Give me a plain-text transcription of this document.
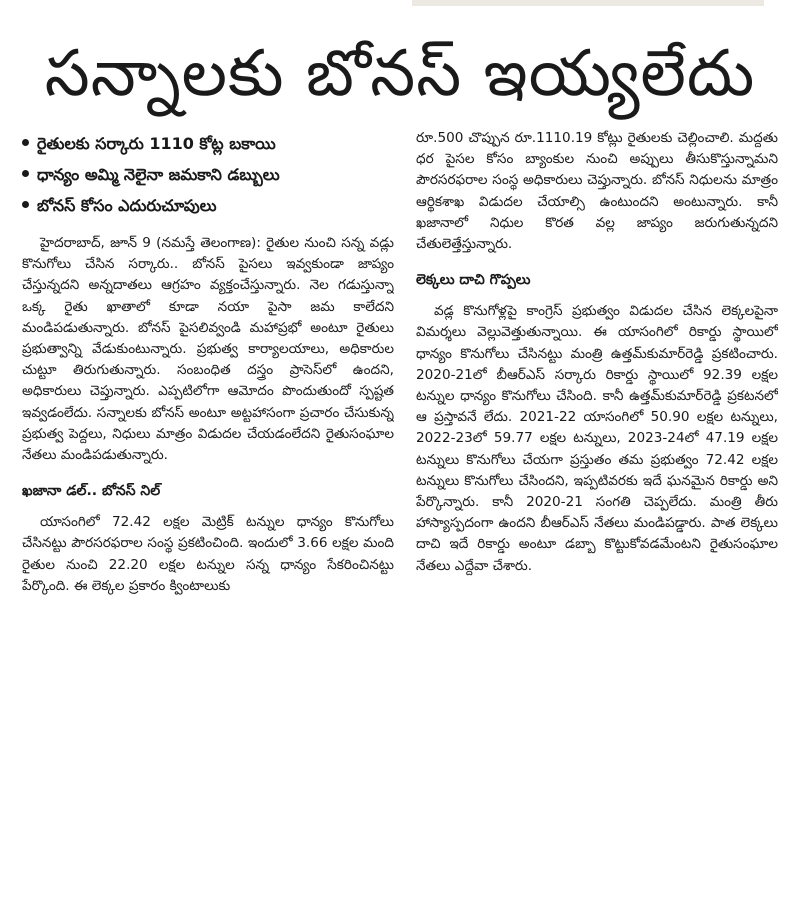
సన్నాలకు బోనస్ ఇయ్యలేదు
రైతులకు సర్కారు 1110 కోట్ల బకాయి
ధాన్యం అమ్మి నెలైనా జమకాని డబ్బులు
బోనస్ కోసం ఎదురుచూపులు

హైదరాబాద్, జూన్ 9 (నమస్తే తెలంగాణ): రైతుల నుంచి సన్న వడ్లు కొనుగోలు చేసిన సర్కారు.. బోనస్ పైసలు ఇవ్వకుండా జాప్యం చేస్తున్నదని అన్నదాతలు ఆగ్రహం వ్యక్తంచేస్తున్నారు. నెల గడుస్తున్నా ఒక్క రైతు ఖాతాలో కూడా నయా పైసా జమ కాలేదని మండిపడుతున్నారు. బోనస్ పైసలివ్వండి మహాప్రభో అంటూ రైతులు ప్రభుత్వాన్ని వేడుకుంటున్నారు. ప్రభుత్వ కార్యాలయాలు, అధికారుల చుట్టూ తిరుగుతున్నారు. సంబంధిత దస్త్రం ప్రాసెస్‌లో ఉందని, అధికారులు చెప్తున్నారు. ఎప్పటిలోగా ఆమోదం పొందుతుందో స్పష్టత ఇవ్వడంలేదు. సన్నాలకు బోనస్ అంటూ అట్టహాసంగా ప్రచారం చేసుకున్న ప్రభుత్వ పెద్దలు, నిధులు మాత్రం విడుదల చేయడంలేదని రైతుసంఘాల నేతలు మండిపడుతున్నారు.

ఖజానా డల్.. బోనస్ నిల్

యాసంగిలో 72.42 లక్షల మెట్రిక్ టన్నుల ధాన్యం కొనుగోలు చేసినట్టు పౌరసరఫరాల సంస్థ ప్రకటించింది. ఇందులో 3.66 లక్షల మంది రైతుల నుంచి 22.20 లక్షల టన్నుల సన్న ధాన్యం సేకరించినట్టు పేర్కొంది. ఈ లెక్కల ప్రకారం క్వింటాలుకు

రూ.500 చొప్పున రూ.1110.19 కోట్లు రైతులకు చెల్లించాలి. మద్దతు ధర పైసల కోసం బ్యాంకుల నుంచి అప్పులు తీసుకొస్తున్నామని పౌరసరఫరాల సంస్థ అధికారులు చెప్తున్నారు. బోనస్ నిధులను మాత్రం ఆర్థికశాఖ విడుదల చేయాల్సి ఉంటుందని అంటున్నారు. కానీ ఖజానాలో నిధుల కొరత వల్ల జాప్యం జరుగుతున్నదని చేతులెత్తేస్తున్నారు.

లెక్కలు దాచి గొప్పలు

వడ్ల కొనుగోళ్లపై కాంగ్రెస్ ప్రభుత్వం విడుదల చేసిన లెక్కలపైనా విమర్శలు వెల్లువెత్తుతున్నాయి. ఈ యాసంగిలో రికార్డు స్థాయిలో ధాన్యం కొనుగోలు చేసినట్టు మంత్రి ఉత్తమ్‌కుమార్‌రెడ్డి ప్రకటించారు. 2020-21లో బీఆర్‌ఎస్ సర్కారు రికార్డు స్థాయిలో 92.39 లక్షల టన్నుల ధాన్యం కొనుగోలు చేసింది. కానీ ఉత్తమ్‌కుమార్‌రెడ్డి ప్రకటనలో ఆ ప్రస్తావనే లేదు. 2021-22 యాసంగిలో 50.90 లక్షల టన్నులు, 2022-23లో 59.77 లక్షల టన్నులు, 2023-24లో 47.19 లక్షల టన్నులు కొనుగోలు చేయగా ప్రస్తుతం తమ ప్రభుత్వం 72.42 లక్షల టన్నులు కొనుగోలు చేసిందని, ఇప్పటివరకు ఇదే ఘనమైన రికార్డు అని పేర్కొన్నారు. కానీ 2020-21 సంగతి చెప్పలేదు. మంత్రి తీరు హాస్యాస్పదంగా ఉందని బీఆర్‌ఎస్ నేతలు మండిపడ్డారు. పాత లెక్కలు దాచి ఇదే రికార్డు అంటూ డబ్బా కొట్టుకోవడమేంటని రైతుసంఘాల నేతలు ఎద్దేవా చేశారు.
